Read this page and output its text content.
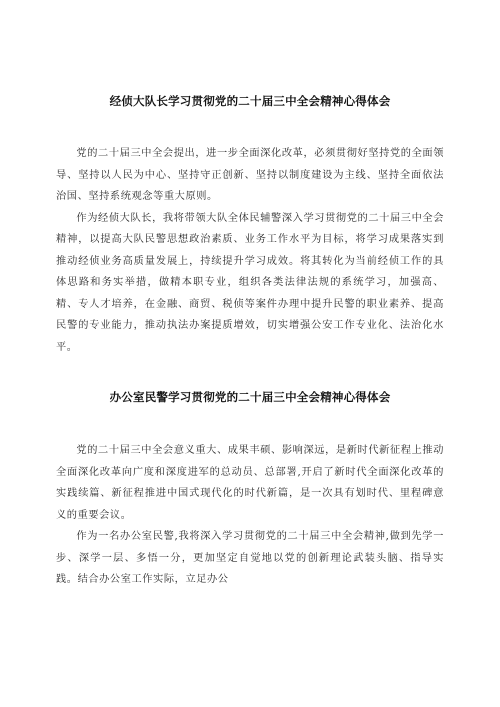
经侦大队长学习贯彻党的二十届三中全会精神心得体会

党的二十届三中全会提出，进一步全面深化改革，必须贯彻好坚持党的全面领导、坚持以人民为中心、坚持守正创新、坚持以制度建设为主线、坚持全面依法治国、坚持系统观念等重大原则。

作为经侦大队长，我将带领大队全体民辅警深入学习贯彻党的二十届三中全会精神，以提高大队民警思想政治素质、业务工作水平为目标，将学习成果落实到推动经侦业务高质量发展上，持续提升学习成效。将其转化为当前经侦工作的具体思路和务实举措，做精本职专业，组织各类法律法规的系统学习，加强高、精、专人才培养，在金融、商贸、税侦等案件办理中提升民警的职业素养、提高民警的专业能力，推动执法办案提质增效，切实增强公安工作专业化、法治化水平。

办公室民警学习贯彻党的二十届三中全会精神心得体会

党的二十届三中全会意义重大、成果丰硕、影响深远，是新时代新征程上推动全面深化改革向广度和深度进军的总动员、总部署,开启了新时代全面深化改革的实践续篇、新征程推进中国式现代化的时代新篇，是一次具有划时代、里程碑意义的重要会议。

作为一名办公室民警,我将深入学习贯彻党的二十届三中全会精神,做到先学一步、深学一层、多悟一分，更加坚定自觉地以党的创新理论武装头脑、指导实践。结合办公室工作实际，立足办公
